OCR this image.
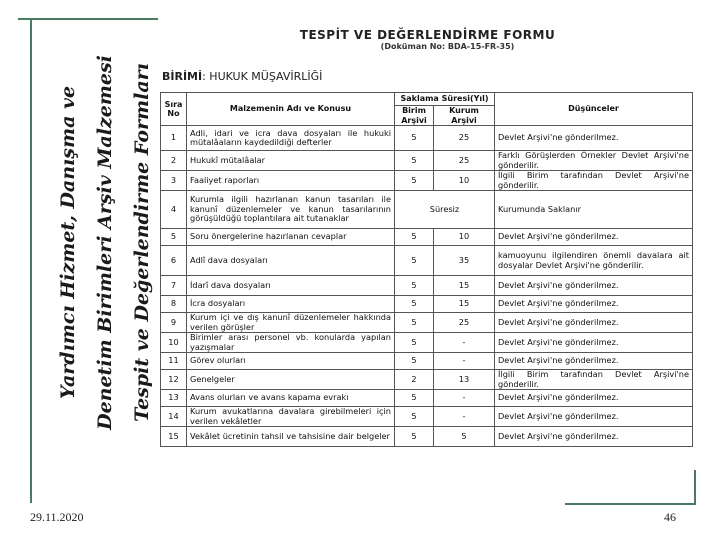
Yardımcı Hizmet, Danışma ve Denetim Birimleri Arşiv Malzemesi Tespit ve Değerlendirme Formları
TESPİT VE DEĞERLENDİRME FORMU
(Doküman No: BDA-15-FR-35)
BİRİMİ: HUKUK MÜŞAVİRLİĞİ
Sıra No	Malzemenin Adı ve Konusu	Saklama Süresi(Yıl)		Düşünceler
		Birim Arşivi	Kurum Arşivi	
1	Adli, idari ve icra dava dosyaları ile hukuki mütalâaların kaydedildiği defterler	5	25	Devlet Arşivi'ne gönderilmez.
2	Hukukî mütalâalar	5	25	Farklı Görüşlerden Örnekler Devlet Arşivi'ne gönderilir.
3	Faaliyet raporları	5	10	İlgili Birim tarafından Devlet Arşivi'ne gönderilir.
4	Kurumla ilgili hazırlanan kanun tasarıları ile kanunî düzenlemeler ve kanun tasarılarının görüşüldüğü toplantılara ait tutanaklar	Süresiz		Kurumunda Saklanır
5	Soru önergelerine hazırlanan cevaplar	5	10	Devlet Arşivi'ne gönderilmez.
6	Adlî dava dosyaları	5	35	kamuoyunu ilgilendiren önemli davalara ait dosyalar Devlet Arşivi'ne gönderilir.
7	İdarî dava dosyaları	5	15	Devlet Arşivi'ne gönderilmez.
8	İcra dosyaları	5	15	Devlet Arşivi'ne gönderilmez.
9	Kurum içi ve dış kanunî düzenlemeler hakkında verilen görüşler	5	25	Devlet Arşivi'ne gönderilmez.
10	Birimler arası personel vb. konularda yapılan yazışmalar	5	-	Devlet Arşivi'ne gönderilmez.
11	Görev olurları	5	-	Devlet Arşivi'ne gönderilmez.
12	Genelgeler	2	13	İlgili Birim tarafından Devlet Arşivi'ne gönderilir.
13	Avans olurları ve avans kapama evrakı	5	-	Devlet Arşivi'ne gönderilmez.
14	Kurum avukatlarına davalara girebilmeleri için verilen vekâletler	5	-	Devlet Arşivi'ne gönderilmez.
15	Vekâlet ücretinin tahsil ve tahsisine dair belgeler	5	5	Devlet Arşivi'ne gönderilmez.
29.11.2020	46
